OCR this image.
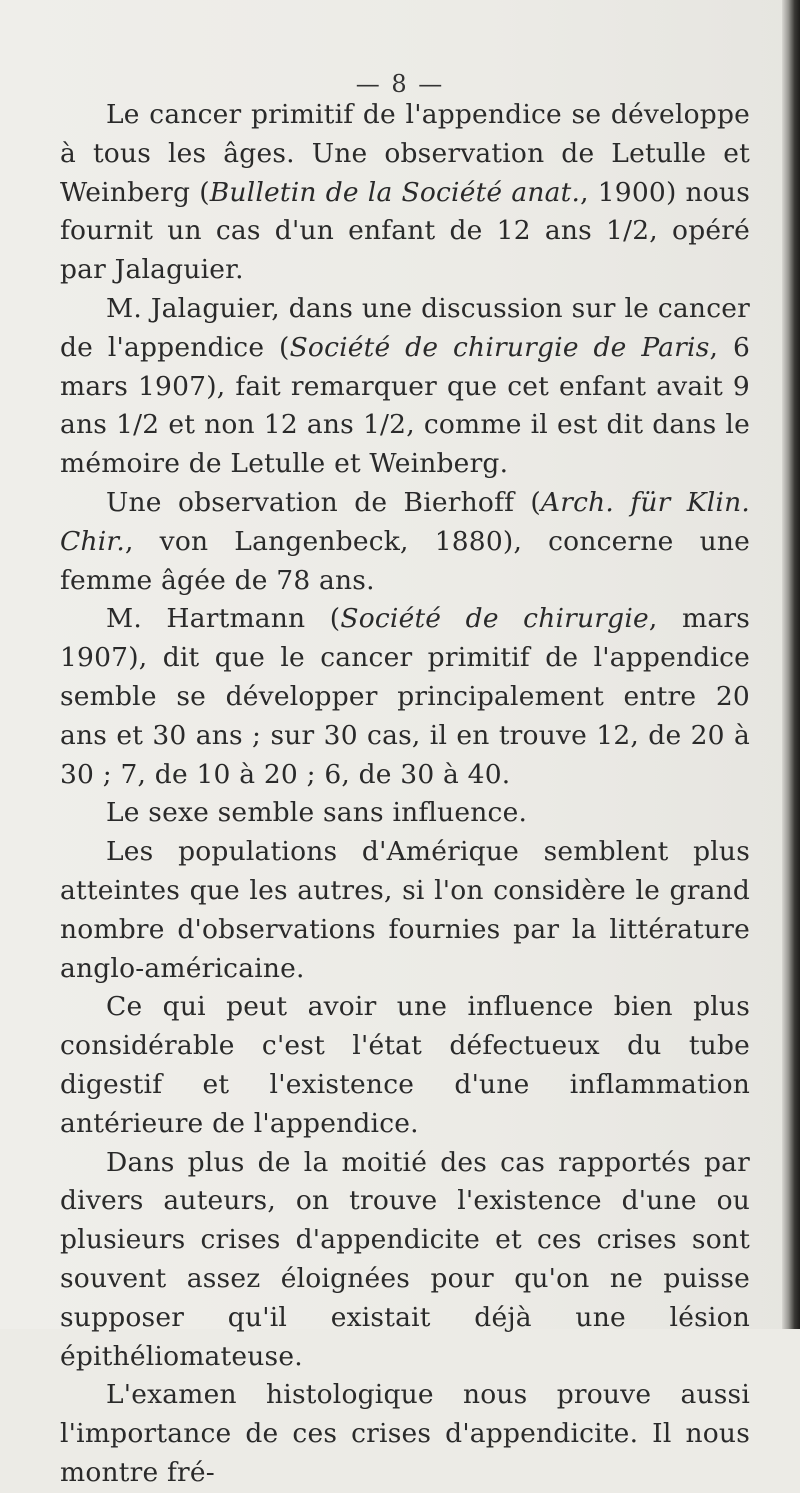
— 8 —

Le cancer primitif de l'appendice se développe à tous les âges. Une observation de Letulle et Weinberg (Bulletin de la Société anat., 1900) nous fournit un cas d'un enfant de 12 ans 1/2, opéré par Jalaguier.

M. Jalaguier, dans une discussion sur le cancer de l'appendice (Société de chirurgie de Paris, 6 mars 1907), fait remarquer que cet enfant avait 9 ans 1/2 et non 12 ans 1/2, comme il est dit dans le mémoire de Letulle et Weinberg.

Une observation de Bierhoff (Arch. für Klin. Chir., von Langenbeck, 1880), concerne une femme âgée de 78 ans.

M. Hartmann (Société de chirurgie, mars 1907), dit que le cancer primitif de l'appendice semble se développer principalement entre 20 ans et 30 ans ; sur 30 cas, il en trouve 12, de 20 à 30 ; 7, de 10 à 20 ; 6, de 30 à 40.

Le sexe semble sans influence.

Les populations d'Amérique semblent plus atteintes que les autres, si l'on considère le grand nombre d'observations fournies par la littérature anglo-américaine.

Ce qui peut avoir une influence bien plus considérable c'est l'état défectueux du tube digestif et l'existence d'une inflammation antérieure de l'appendice.

Dans plus de la moitié des cas rapportés par divers auteurs, on trouve l'existence d'une ou plusieurs crises d'appendicite et ces crises sont souvent assez éloignées pour qu'on ne puisse supposer qu'il existait déjà une lésion épithéliomateuse.

L'examen histologique nous prouve aussi l'importance de ces crises d'appendicite. Il nous montre fré-
